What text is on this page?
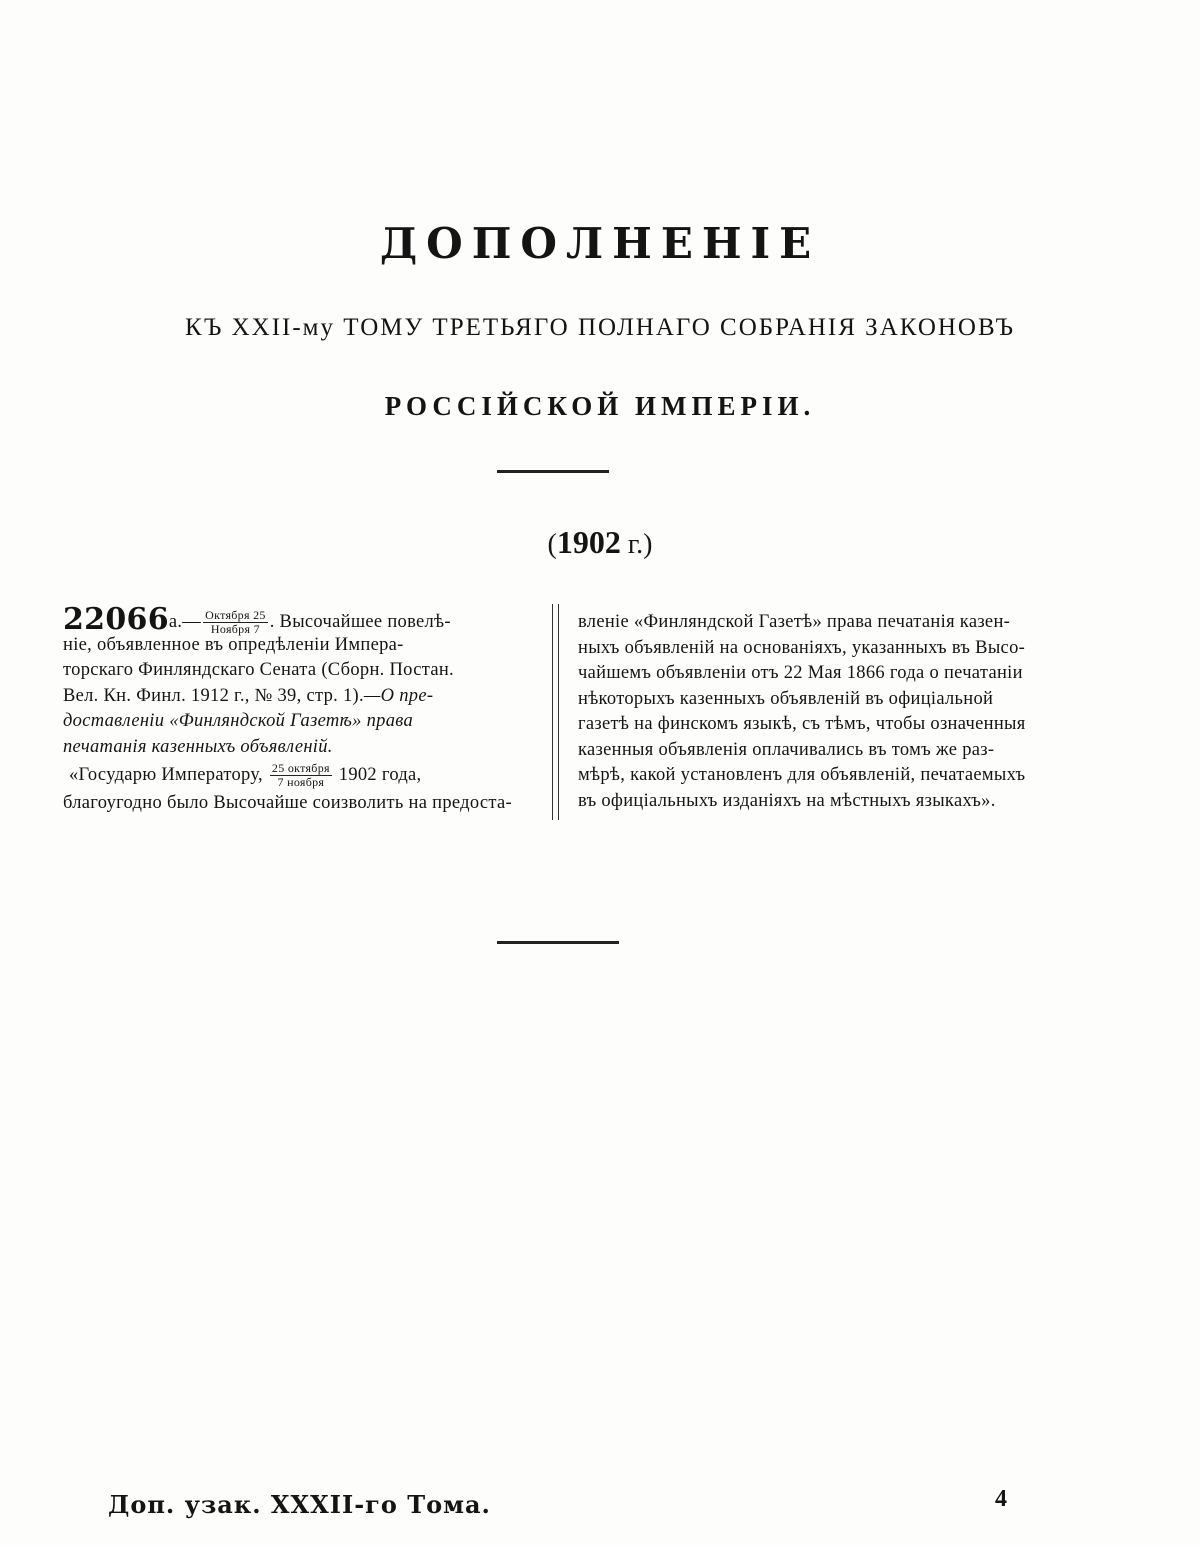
ДОПОЛНЕНІЕ
КЪ XXII-му ТОМУ ТРЕТЬЯГО ПОЛНАГО СОБРАНІЯ ЗАКОНОВЪ
РОССІЙСКОЙ ИМПЕРІИ.
(1902 г.)
22066а.— $\frac{\text{Октября 25}}{\text{Ноября 7}}$ . Высочайшее повелѣ-
ніе, объявленное въ опредѣленіи Импера-
торскаго Финляндскаго Сената (Сборн. Постан.
Вел. Кн. Финл. 1912 г., № 39, стр. 1).—О пре-
доставленіи «Финляндской Газетѣ» права
печатанія казенныхъ объявленій.
«Государю Императору, $\frac{\text{25 октября}}{\text{7 ноября}} 1902$ года,
благоугодно было Высочайше соизволить на предоста-
вленіе «Финляндской Газетѣ» права печатанія казен-
ныхъ объявленій на основаніяхъ, указанныхъ въ Высо-
чайшемъ объявленіи отъ 22 Мая 1866 года о печатаніи
нѣкоторыхъ казенныхъ объявленій въ офиціальной
газетѣ на финскомъ языкѣ, съ тѣмъ, чтобы означенныя
казенныя объявленія оплачивались въ томъ же раз-
мѣрѣ, какой установленъ для объявленій, печатаемыхъ
въ офиціальныхъ изданіяхъ на мѣстныхъ языкахъ».
Доп. узак. XXXII-го Тома.	4
